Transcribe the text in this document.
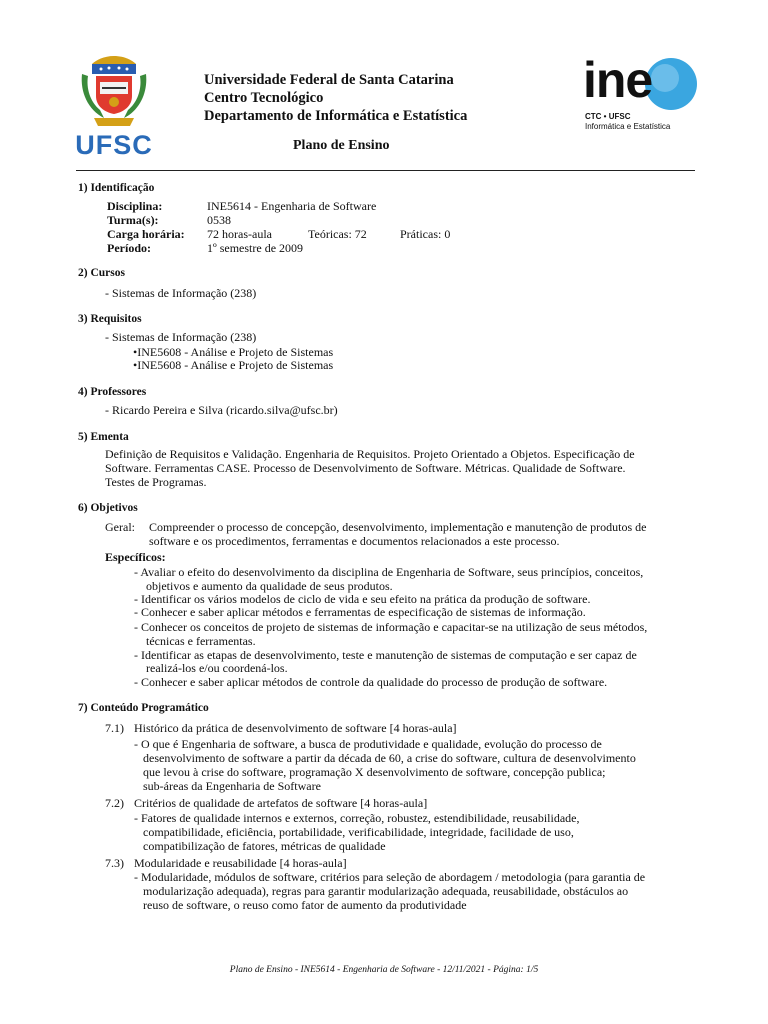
UFSC
Universidade Federal de Santa Catarina
Centro Tecnológico
Departamento de Informática e Estatística
Plano de Ensino
ine
CTC • UFSC
Informática e Estatística
1) Identificação
Disciplina:	INE5614 - Engenharia de Software
Turma(s):	0538
Carga horária: 72 horas-aula	Teóricas: 72	Práticas: 0
Período:	1º semestre de 2009
2) Cursos
- Sistemas de Informação (238)
3) Requisitos
- Sistemas de Informação (238)
• INE5608 - Análise e Projeto de Sistemas
• INE5608 - Análise e Projeto de Sistemas
4) Professores
- Ricardo Pereira e Silva (ricardo.silva@ufsc.br)
5) Ementa
Definição de Requisitos e Validação. Engenharia de Requisitos. Projeto Orientado a Objetos. Especificação de
Software. Ferramentas CASE. Processo de Desenvolvimento de Software. Métricas. Qualidade de Software.
Testes de Programas.
6) Objetivos
Geral: Compreender o processo de concepção, desenvolvimento, implementação e manutenção de produtos de
software e os procedimentos, ferramentas e documentos relacionados a este processo.
Específicos:
- Avaliar o efeito do desenvolvimento da disciplina de Engenharia de Software, seus princípios, conceitos,
objetivos e aumento da qualidade de seus produtos.
- Identificar os vários modelos de ciclo de vida e seu efeito na prática da produção de software.
- Conhecer e saber aplicar métodos e ferramentas de especificação de sistemas de informação.
- Conhecer os conceitos de projeto de sistemas de informação e capacitar-se na utilização de seus métodos,
técnicas e ferramentas.
- Identificar as etapas de desenvolvimento, teste e manutenção de sistemas de computação e ser capaz de
realizá-los e/ou coordená-los.
- Conhecer e saber aplicar métodos de controle da qualidade do processo de produção de software.
7) Conteúdo Programático
7.1) Histórico da prática de desenvolvimento de software [4 horas-aula]
- O que é Engenharia de software, a busca de produtividade e qualidade, evolução do processo de
desenvolvimento de software a partir da década de 60, a crise do software, cultura de desenvolvimento
que levou à crise do software, programação X desenvolvimento de software, concepção publica;
sub-áreas da Engenharia de Software
7.2) Critérios de qualidade de artefatos de software [4 horas-aula]
- Fatores de qualidade internos e externos, correção, robustez, estendibilidade, reusabilidade,
compatibilidade, eficiência, portabilidade, verificabilidade, integridade, facilidade de uso,
compatibilização de fatores, métricas de qualidade
7.3) Modularidade e reusabilidade [4 horas-aula]
- Modularidade, módulos de software, critérios para seleção de abordagem / metodologia (para garantia de
modularização adequada), regras para garantir modularização adequada, reusabilidade, obstáculos ao
reuso de software, o reuso como fator de aumento da produtividade
Plano de Ensino - INE5614 - Engenharia de Software - 12/11/2021 - Página: 1/5
